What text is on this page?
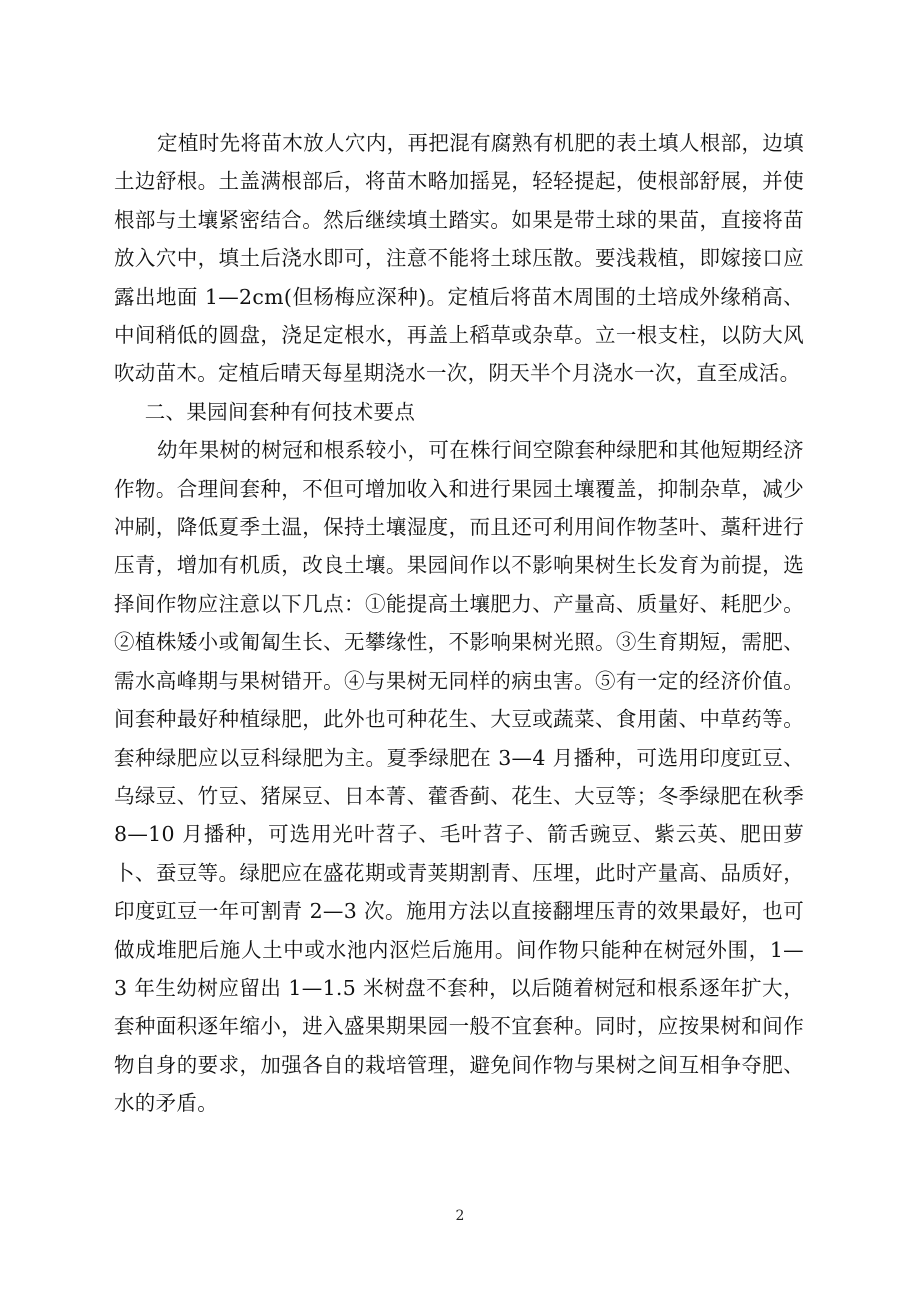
定植时先将苗木放人穴内，再把混有腐熟有机肥的表土填人根部，边填土边舒根。土盖满根部后，将苗木略加摇晃，轻轻提起，使根部舒展，并使根部与土壤紧密结合。然后继续填土踏实。如果是带土球的果苗，直接将苗放入穴中，填土后浇水即可，注意不能将土球压散。要浅栽植，即嫁接口应露出地面 1—2cm(但杨梅应深种)。定植后将苗木周围的土培成外缘稍高、中间稍低的圆盘，浇足定根水，再盖上稻草或杂草。立一根支柱，以防大风吹动苗木。定植后晴天每星期浇水一次，阴天半个月浇水一次，直至成活。

二、果园间套种有何技术要点

幼年果树的树冠和根系较小，可在株行间空隙套种绿肥和其他短期经济作物。合理间套种，不但可增加收入和进行果园土壤覆盖，抑制杂草，减少冲刷，降低夏季土温，保持土壤湿度，而且还可利用间作物茎叶、藁秆进行压青，增加有机质，改良土壤。果园间作以不影响果树生长发育为前提，选择间作物应注意以下几点：①能提高土壤肥力、产量高、质量好、耗肥少。②植株矮小或匍匐生长、无攀缘性，不影响果树光照。③生育期短，需肥、需水高峰期与果树错开。④与果树无同样的病虫害。⑤有一定的经济价值。间套种最好种植绿肥，此外也可种花生、大豆或蔬菜、食用菌、中草药等。套种绿肥应以豆科绿肥为主。夏季绿肥在 3—4 月播种，可选用印度豇豆、乌绿豆、竹豆、猪屎豆、日本菁、藿香蓟、花生、大豆等；冬季绿肥在秋季 8—10 月播种，可选用光叶苕子、毛叶苕子、箭舌豌豆、紫云英、肥田萝卜、蚕豆等。绿肥应在盛花期或青荚期割青、压埋，此时产量高、品质好，印度豇豆一年可割青 2—3 次。施用方法以直接翻埋压青的效果最好，也可做成堆肥后施人土中或水池内沤烂后施用。间作物只能种在树冠外围，1—3 年生幼树应留出 1—1.5 米树盘不套种，以后随着树冠和根系逐年扩大，套种面积逐年缩小，进入盛果期果园一般不宜套种。同时，应按果树和间作物自身的要求，加强各自的栽培管理，避免间作物与果树之间互相争夺肥、水的矛盾。

2
